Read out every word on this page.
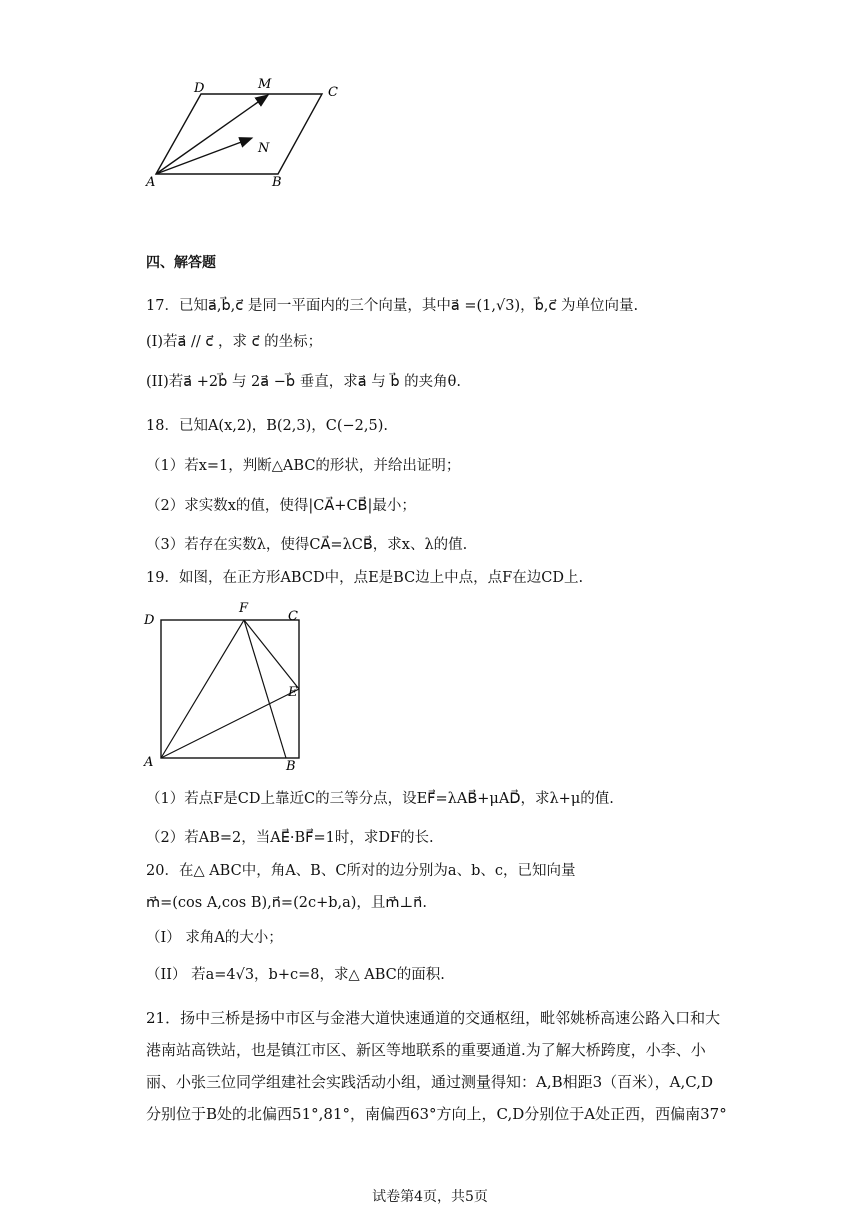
D	M
C
N
A	B
四、解答题
17．已知a⃗,b⃗,c⃗ 是同一平面内的三个向量，其中a⃗ =(1,√3)，b⃗,c⃗ 为单位向量.
(I)若a⃗ // c⃗ ，求 c⃗ 的坐标；
(II)若a⃗ +2b⃗ 与 2a⃗ −b⃗ 垂直，求a⃗ 与 b⃗ 的夹角θ.
18．已知A(x,2)，B(2,3)，C(−2,5).
（1）若x=1，判断△ABC的形状，并给出证明；
（2）求实数x的值，使得|CA⃗+CB⃗|最小；
（3）若存在实数λ，使得CA⃗=λCB⃗，求x、λ的值.
19．如图，在正方形ABCD中，点E是BC边上中点，点F在边CD上.
D
F
C
E
A	B
（1）若点F是CD上靠近C的三等分点，设EF⃗=λAB⃗+μAD⃗，求λ+μ的值.
（2）若AB=2，当AE⃗·BF⃗=1时，求DF的长.
20．在△ ABC中，角A、B、C所对的边分别为a、b、c，已知向量
m⃗=(cos A,cos B),n⃗=(2c+b,a)，且m⃗⊥n⃗.
（I） 求角A的大小；
（II） 若a=4√3，b+c=8，求△ ABC的面积.
21．扬中三桥是扬中市区与金港大道快速通道的交通枢纽，毗邻姚桥高速公路入口和大
港南站高铁站，也是镇江市区、新区等地联系的重要通道.为了解大桥跨度，小李、小
丽、小张三位同学组建社会实践活动小组，通过测量得知：A,B相距3（百米），A,C,D
分别位于B处的北偏西51°,81°，南偏西63°方向上，C,D分别位于A处正西，西偏南37°
试卷第4页，共5页
